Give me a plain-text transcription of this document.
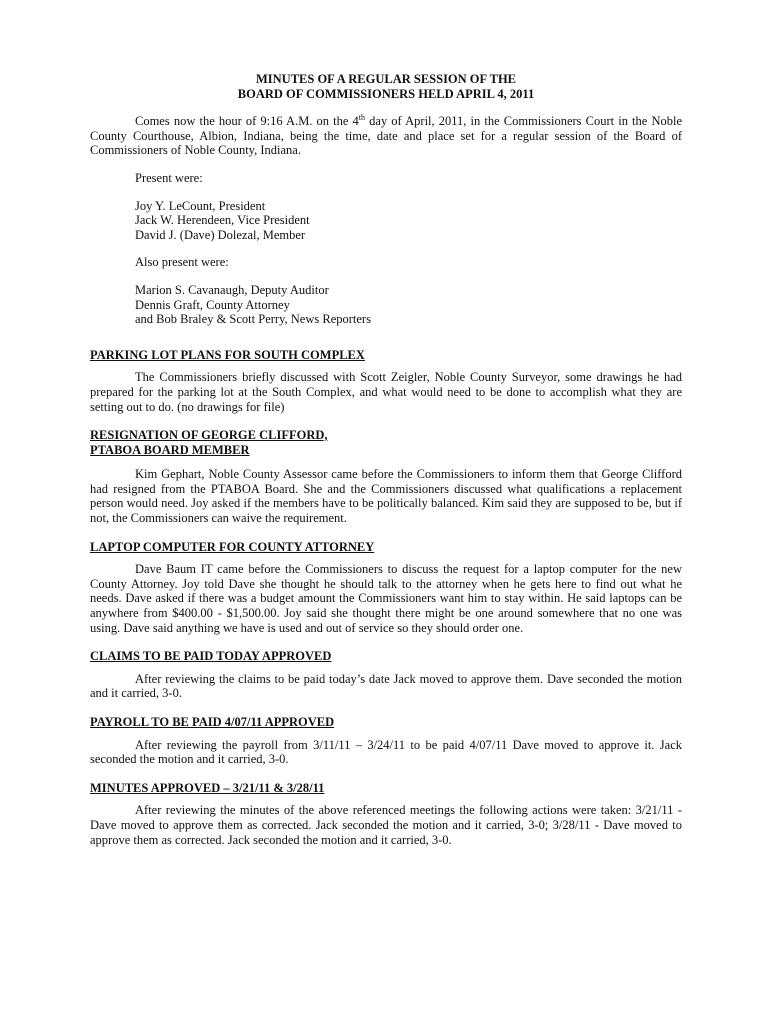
MINUTES OF A REGULAR SESSION OF THE
BOARD OF COMMISSIONERS HELD APRIL 4, 2011

Comes now the hour of 9:16 A.M. on the 4th day of April, 2011, in the Commissioners Court in the Noble County Courthouse, Albion, Indiana, being the time, date and place set for a regular session of the Board of Commissioners of Noble County, Indiana.

Present were:
Joy Y. LeCount, President
Jack W. Herendeen, Vice President
David J. (Dave) Dolezal, Member
Also present were:
Marion S. Cavanaugh, Deputy Auditor
Dennis Graft, County Attorney
and Bob Braley & Scott Perry, News Reporters
PARKING LOT PLANS FOR SOUTH COMPLEX

The Commissioners briefly discussed with Scott Zeigler, Noble County Surveyor, some drawings he had prepared for the parking lot at the South Complex, and what would need to be done to accomplish what they are setting out to do. (no drawings for file)

RESIGNATION OF GEORGE CLIFFORD,
PTABOA BOARD MEMBER

Kim Gephart, Noble County Assessor came before the Commissioners to inform them that George Clifford had resigned from the PTABOA Board. She and the Commissioners discussed what qualifications a replacement person would need. Joy asked if the members have to be politically balanced. Kim said they are supposed to be, but if not, the Commissioners can waive the requirement.

LAPTOP COMPUTER FOR COUNTY ATTORNEY

Dave Baum IT came before the Commissioners to discuss the request for a laptop computer for the new County Attorney. Joy told Dave she thought he should talk to the attorney when he gets here to find out what he needs. Dave asked if there was a budget amount the Commissioners want him to stay within. He said laptops can be anywhere from $400.00 - $1,500.00. Joy said she thought there might be one around somewhere that no one was using. Dave said anything we have is used and out of service so they should order one.

CLAIMS TO BE PAID TODAY APPROVED

After reviewing the claims to be paid today’s date Jack moved to approve them. Dave seconded the motion and it carried, 3-0.

PAYROLL TO BE PAID 4/07/11 APPROVED

After reviewing the payroll from 3/11/11 – 3/24/11 to be paid 4/07/11 Dave moved to approve it. Jack seconded the motion and it carried, 3-0.

MINUTES APPROVED – 3/21/11 & 3/28/11

After reviewing the minutes of the above referenced meetings the following actions were taken: 3/21/11 - Dave moved to approve them as corrected. Jack seconded the motion and it carried, 3-0; 3/28/11 - Dave moved to approve them as corrected. Jack seconded the motion and it carried, 3-0.
